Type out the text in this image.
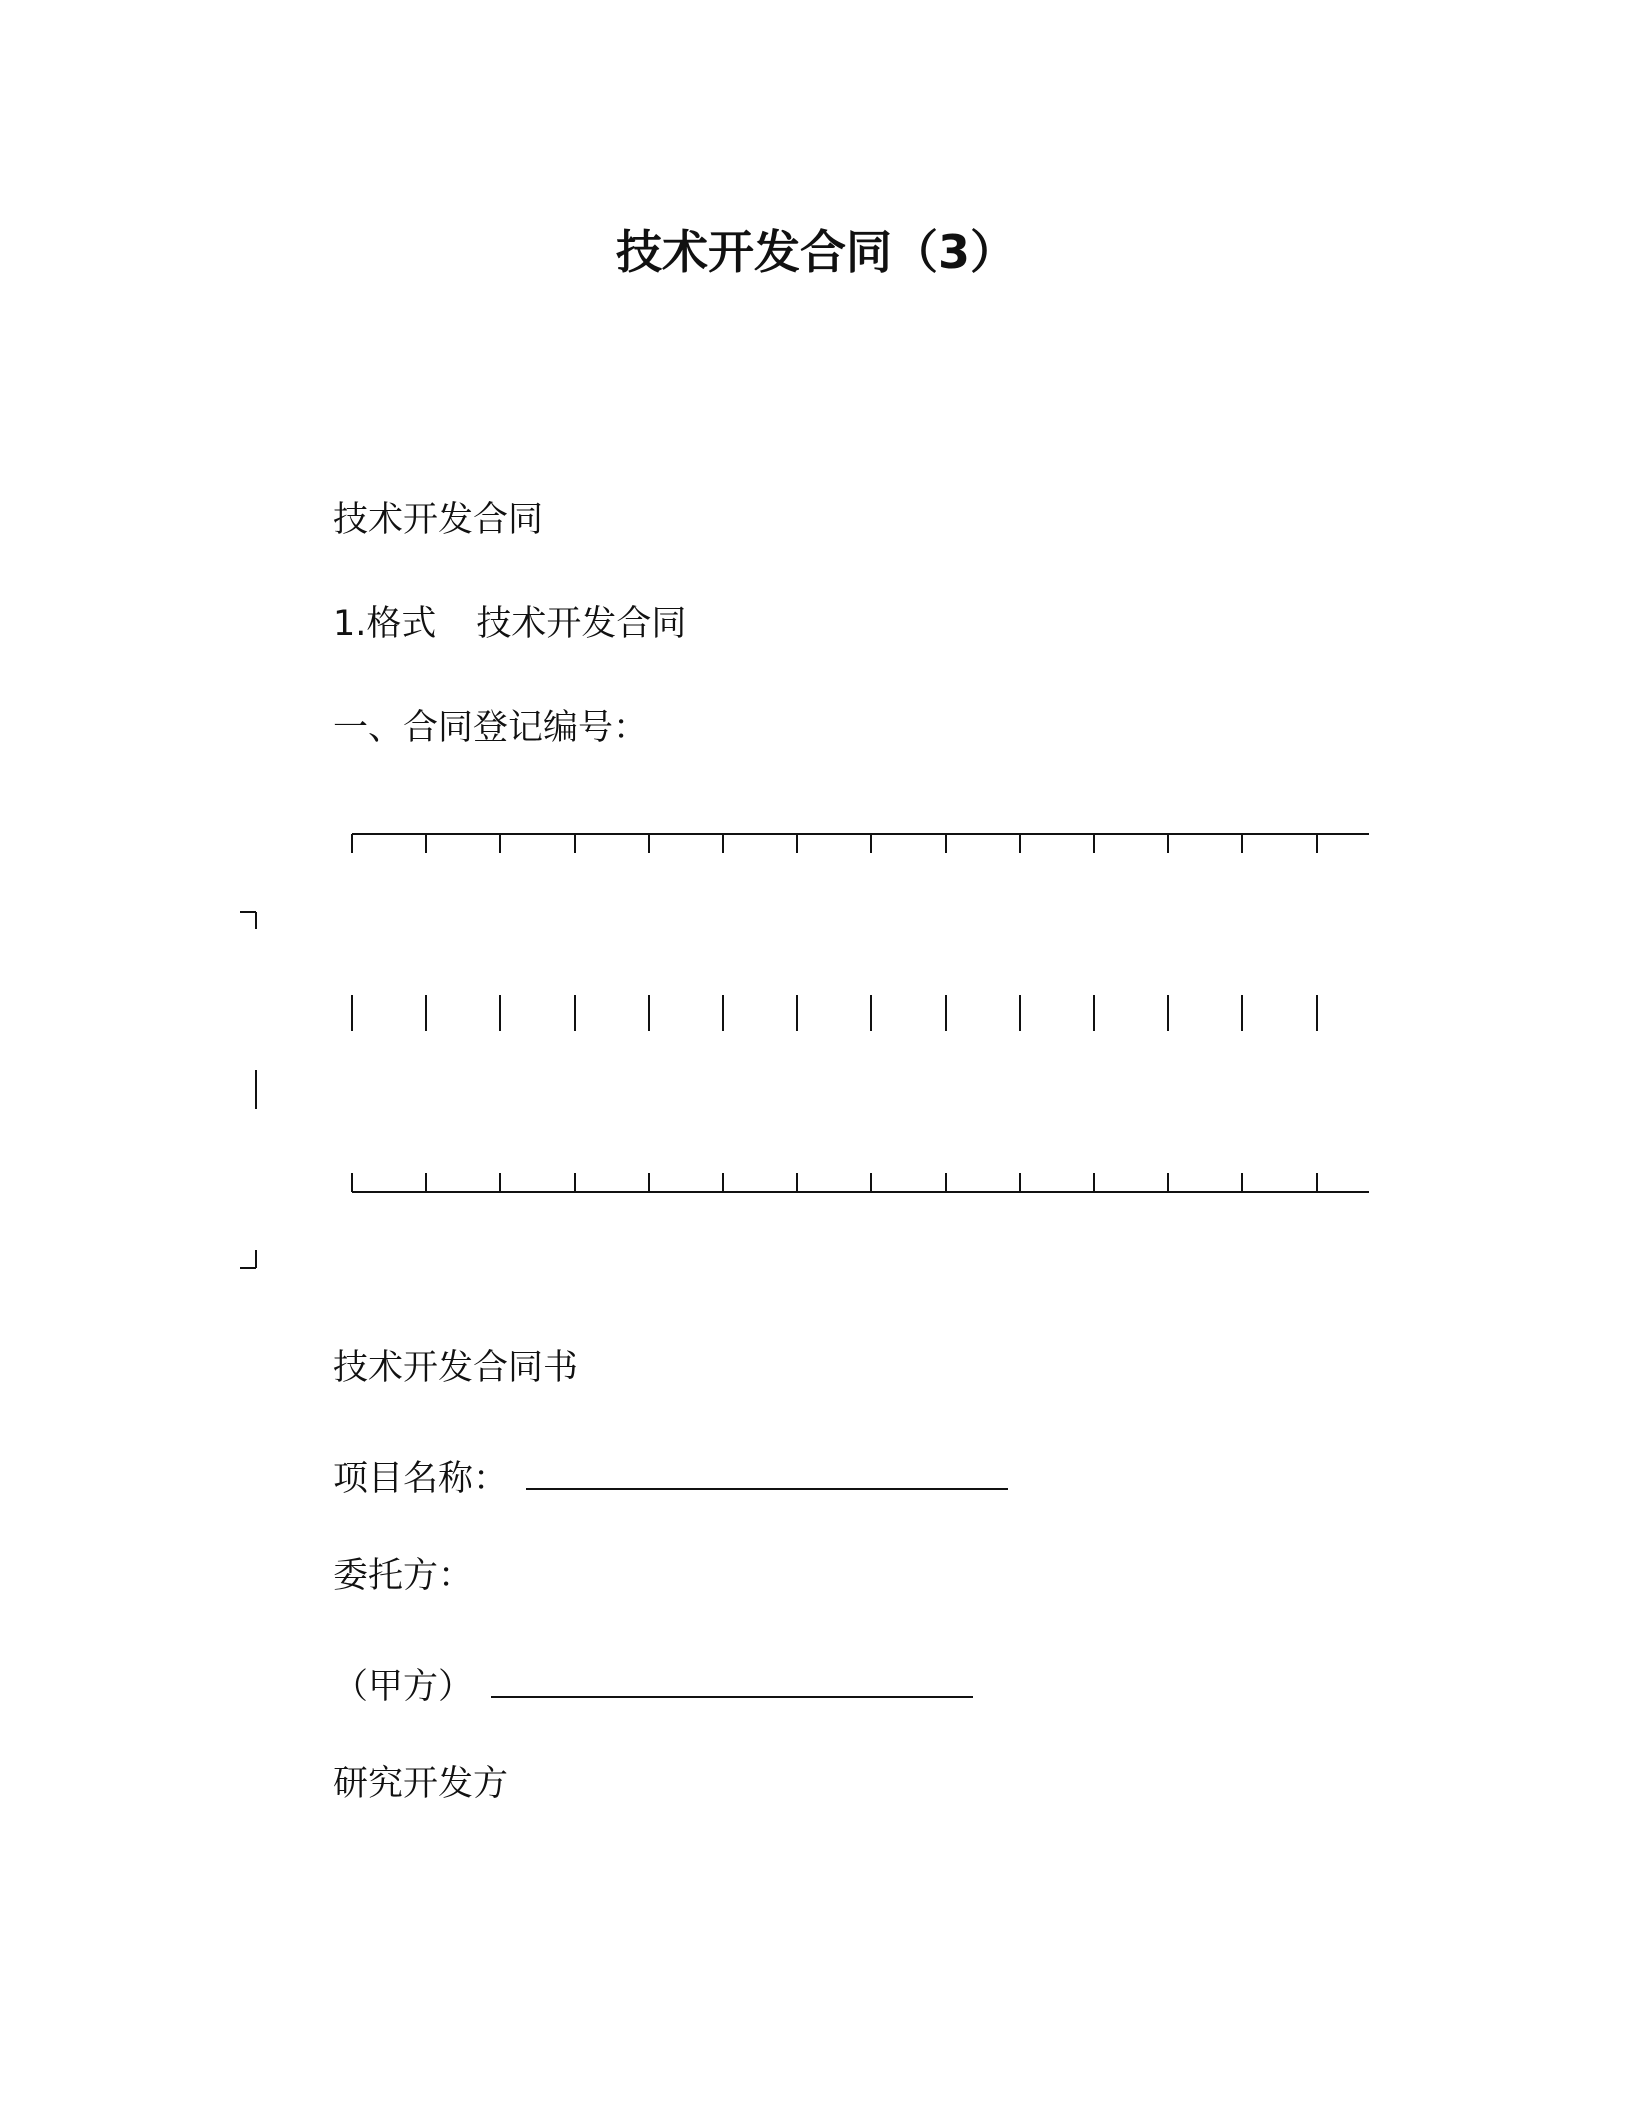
技术开发合同（3）

技术开发合同

1.格式 技术开发合同

一、合同登记编号：

技术开发合同书

项目名称：

委托方：

（甲方）

研究开发方
